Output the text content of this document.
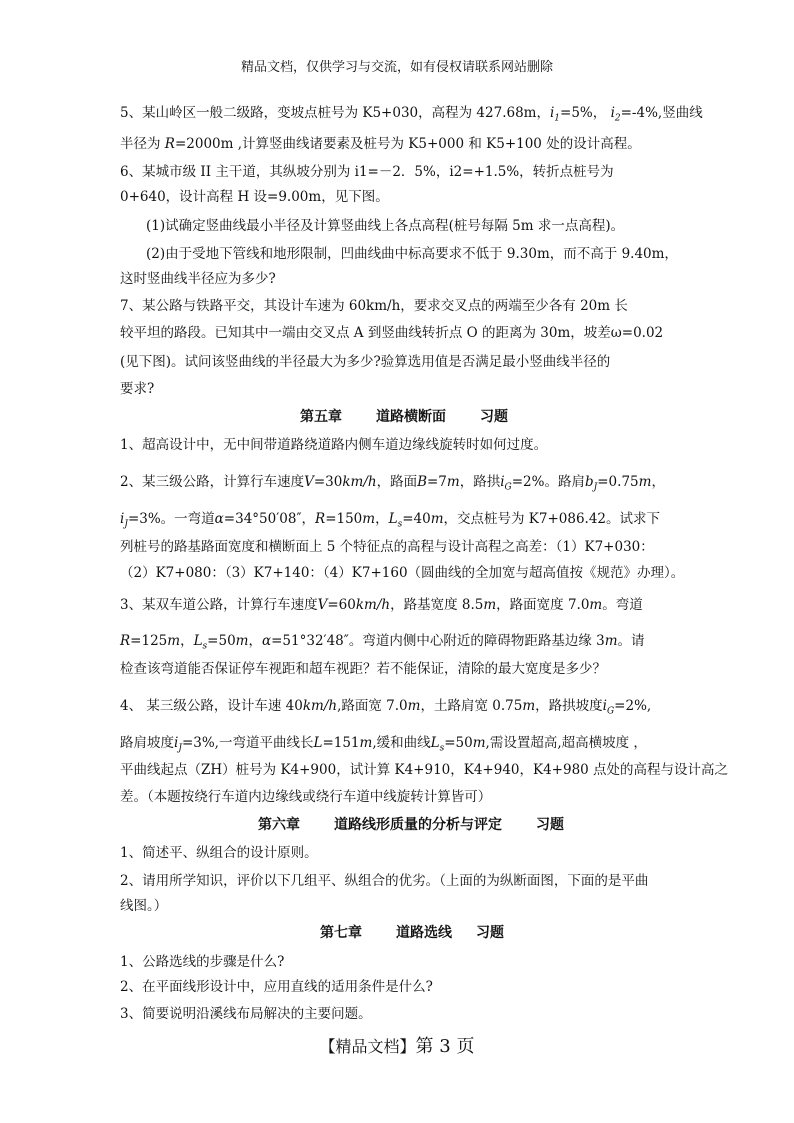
精品文档，仅供学习与交流，如有侵权请联系网站删除
5、某山岭区一般二级路，变坡点桩号为 K5+030，高程为 427.68m，$i_1=5\%$， $i_2=-4\%$,竖曲线
半径为 R=2000m ,计算竖曲线诸要素及桩号为 K5+000 和 K5+100 处的设计高程。
6、某城市级 II 主干道，其纵坡分别为 i1=－2．5%，i2=+1.5%，转折点桩号为
0+640，设计高程 H 设=9.00m，见下图。
(1)试确定竖曲线最小半径及计算竖曲线上各点高程(桩号每隔 5m 求一点高程)。
(2)由于受地下管线和地形限制，凹曲线曲中标高要求不低于 9.30m，而不高于 9.40m，
这时竖曲线半径应为多少?
7、某公路与铁路平交，其设计车速为 60km/h，要求交叉点的两端至少各有 20m 长
较平坦的路段。已知其中一端由交叉点 A 到竖曲线转折点 O 的距离为 30m，坡差ω=0.02
(见下图)。试问该竖曲线的半径最大为多少?验算选用值是否满足最小竖曲线半径的
要求?
第五章 道路横断面 习题
1、超高设计中，无中间带道路绕道路内侧车道边缘线旋转时如何过度。
2、某三级公路，计算行车速度V=30km/h，路面B=7m，路拱$i_G=2\%$。路肩$b_J=0.75m$，
$i_J=3\%$。一弯道α=34°50′08″，R=150m，$L_s=40m$，交点桩号为 K7+086.42。试求下
列桩号的路基路面宽度和横断面上 5 个特征点的高程与设计高程之高差：（1）K7+030：
（2）K7+080：（3）K7+140：（4）K7+160（圆曲线的全加宽与超高值按《规范》办理）。
3、某双车道公路，计算行车速度V=60km/h，路基宽度 8.5m，路面宽度 7.0m。弯道
R=125m，$L_s=50m$，α=51°32′48″。弯道内侧中心附近的障碍物距路基边缘 3m。请
检查该弯道能否保证停车视距和超车视距？若不能保证，清除的最大宽度是多少？
4、 某三级公路，设计车速 40km/h,路面宽 7.0m，土路肩宽 0.75m，路拱坡度$i_G=2\%$,
路肩坡度$i_J=3\%$,一弯道平曲线长L=151m,缓和曲线$L_s=50m$,需设置超高,超高横坡度 ，
平曲线起点（ZH）桩号为 K4+900，试计算 K4+910，K4+940，K4+980 点处的高程与设计高之
差。（本题按绕行车道内边缘线或绕行车道中线旋转计算皆可）
第六章 道路线形质量的分析与评定 习题
1、简述平、纵组合的设计原则。
2、请用所学知识，评价以下几组平、纵组合的优劣。（上面的为纵断面图，下面的是平曲
线图。）
第七章 道路选线 习题
1、公路选线的步骤是什么?
2、在平面线形设计中，应用直线的适用条件是什么?
3、简要说明沿溪线布局解决的主要问题。
【精品文档】第 3 页
